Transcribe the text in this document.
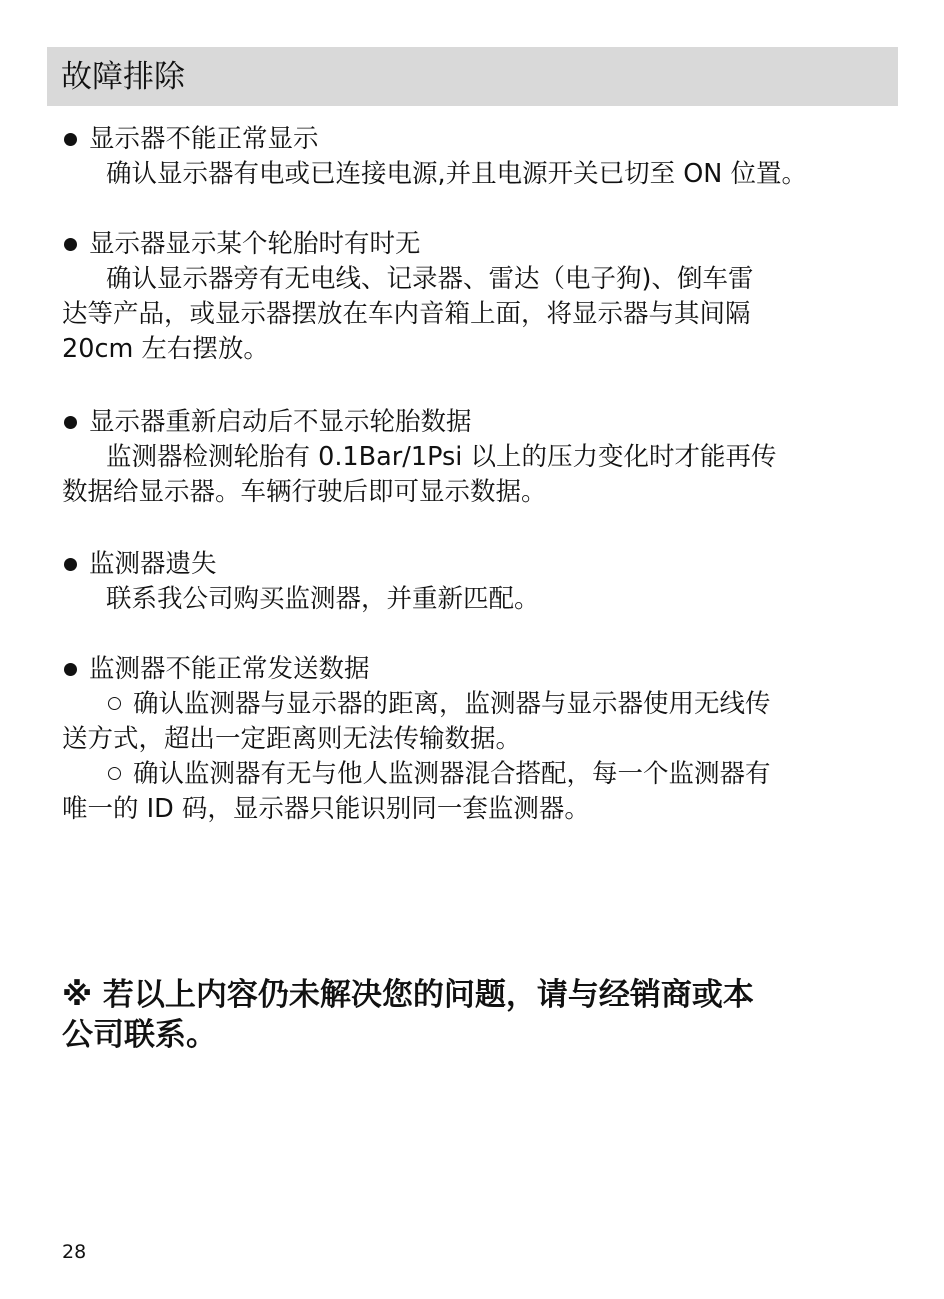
故障排除
显示器不能正常显示
确认显示器有电或已连接电源,并且电源开关已切至 ON 位置。
显示器显示某个轮胎时有时无
确认显示器旁有无电线、记录器、雷达（电子狗)、倒车雷
达等产品，或显示器摆放在车内音箱上面，将显示器与其间隔
20cm 左右摆放。
显示器重新启动后不显示轮胎数据
监测器检测轮胎有 0.1Bar/1Psi 以上的压力变化时才能再传
数据给显示器。车辆行驶后即可显示数据。
监测器遗失
联系我公司购买监测器，并重新匹配。
监测器不能正常发送数据
确认监测器与显示器的距离，监测器与显示器使用无线传
送方式，超出一定距离则无法传输数据。
确认监测器有无与他人监测器混合搭配，每一个监测器有
唯一的 ID 码，显示器只能识别同一套监测器。
※ 若以上内容仍未解决您的问题，请与经销商或本
公司联系。
28
